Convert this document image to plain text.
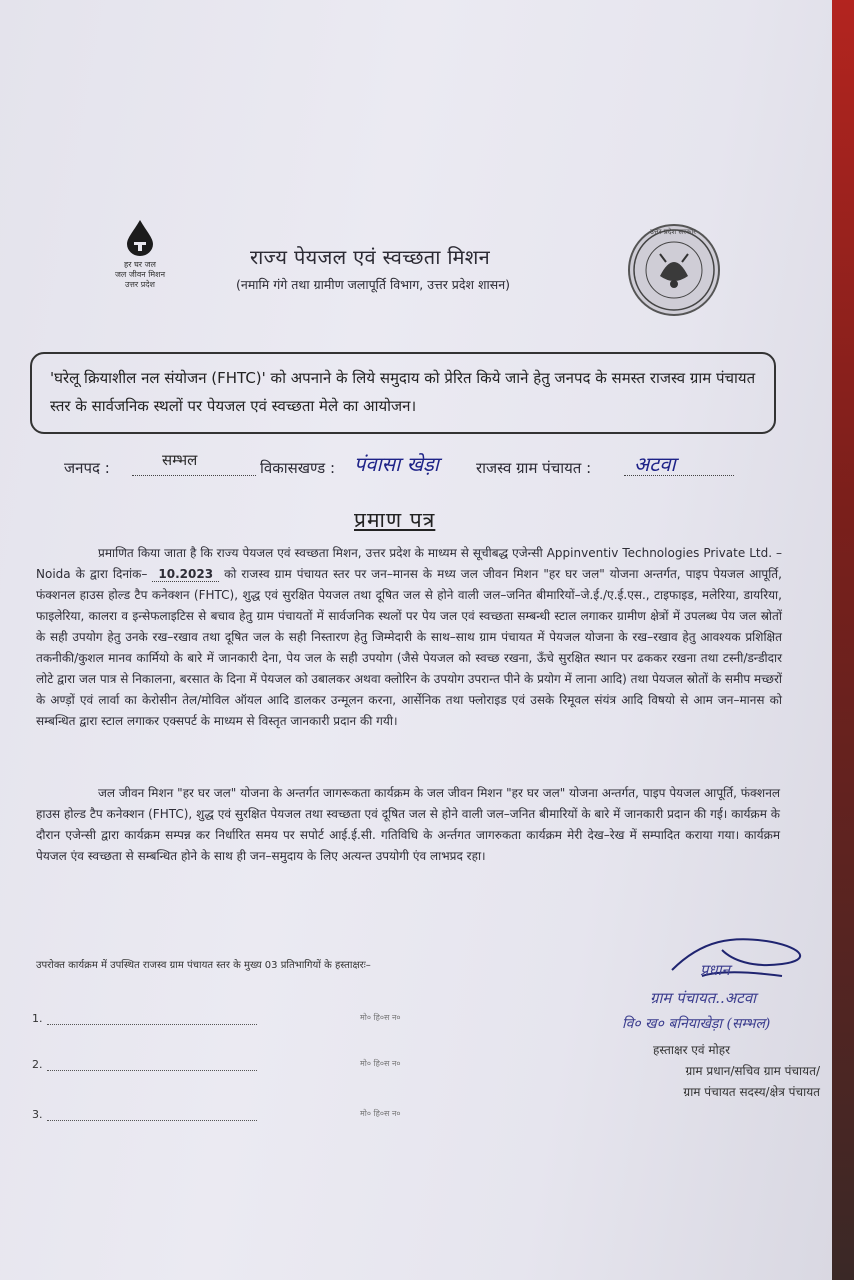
हर घर जल
जल जीवन मिशन
उत्तर प्रदेश
राज्य पेयजल एवं स्वच्छता मिशन
(नमामि गंगे तथा ग्रामीण जलापूर्ति विभाग, उत्तर प्रदेश शासन)
उत्तर प्रदेश सरकार
'घरेलू क्रियाशील नल संयोजन (FHTC)' को अपनाने के लिये समुदाय को प्रेरित किये जाने हेतु जनपद के समस्त राजस्व ग्राम पंचायत स्तर के सार्वजनिक स्थलों पर पेयजल एवं स्वच्छता मेले का आयोजन।
जनपद :	सम्भल	विकासखण्ड : पंवासा खेड़ा राजस्व ग्राम पंचायत : अटवा
प्रमाण पत्र
प्रमाणित किया जाता है कि राज्य पेयजल एवं स्वच्छता मिशन, उत्तर प्रदेश के माध्यम से सूचीबद्ध एजेन्सी Appinventiv Technologies Private Ltd. – Noida के द्वारा दिनांक– 10.2023 को राजस्व ग्राम पंचायत स्तर पर जन–मानस के मध्य जल जीवन मिशन "हर घर जल" योजना अन्तर्गत, पाइप पेयजल आपूर्ति, फंक्शनल हाउस होल्ड टैप कनेक्शन (FHTC), शुद्ध एवं सुरक्षित पेयजल तथा दूषित जल से होने वाली जल–जनित बीमारियों–जे.ई./ए.ई.एस., टाइफाइड, मलेरिया, डायरिया, फाइलेरिया, कालरा व इन्सेफलाइटिस से बचाव हेतु ग्राम पंचायतों में सार्वजनिक स्थलों पर पेय जल एवं स्वच्छता सम्बन्धी स्टाल लगाकर ग्रामीण क्षेत्रों में उपलब्ध पेय जल स्रोतों के सही उपयोग हेतु उनके रख–रखाव तथा दूषित जल के सही निस्तारण हेतु जिम्मेदारी के साथ–साथ ग्राम पंचायत में पेयजल योजना के रख–रखाव हेतु आवश्यक प्रशिक्षित तकनीकी/कुशल मानव कार्मियो के बारे में जानकारी देना, पेय जल के सही उपयोग (जैसे पेयजल को स्वच्छ रखना, ऊँचे सुरक्षित स्थान पर ढककर रखना तथा टस्नी/डन्डीदार लोटे द्वारा जल पात्र से निकालना, बरसात के दिना में पेयजल को उबालकर अथवा क्लोरिन के उपयोग उपरान्त पीने के प्रयोग में लाना आदि) तथा पेयजल स्रोतों के समीप मच्छरों के अण्ड़ों एवं लार्वा का केरोसीन तेल/मोविल ऑयल आदि डालकर उन्मूलन करना, आर्सेनिक तथा फ्लोराइड एवं उसके रिमूवल संयंत्र आदि विषयो से आम जन–मानस को सम्बन्धित द्वारा स्टाल लगाकर एक्सपर्ट के माध्यम से विस्तृत जानकारी प्रदान की गयी।
जल जीवन मिशन "हर घर जल" योजना के अन्तर्गत जागरूकता कार्यक्रम के जल जीवन मिशन "हर घर जल" योजना अन्तर्गत, पाइप पेयजल आपूर्ति, फंक्शनल हाउस होल्ड टैप कनेक्शन (FHTC), शुद्ध एवं सुरक्षित पेयजल तथा स्वच्छता एवं दूषित जल से होने वाली जल–जनित बीमारियों के बारे में जानकारी प्रदान की गई। कार्यक्रम के दौरान एजेन्सी द्वारा कार्यक्रम सम्पन्न कर निर्धारित समय पर सपोर्ट आई.ई.सी. गतिविधि के अर्न्तगत जागरुकता कार्यक्रम मेरी देख–रेख में सम्पादित कराया गया। कार्यक्रम पेयजल एंव स्वच्छता से सम्बन्धित होने के साथ ही जन–समुदाय के लिए अत्यन्त उपयोगी एंव लाभप्रद रहा।
उपरोक्त कार्यक्रम में उपस्थित राजस्व ग्राम पंचायत स्तर के मुख्य 03 प्रतिभागियों के हस्ताक्षरः–
1.	मो० हि०स न०
2.	मो० हि०स न०
3.	मो० हि०स न०
प्रधान
ग्राम पंचायत..अटवा
वि० ख० बनियाखेड़ा (सम्भल)
हस्ताक्षर एवं मोहर
ग्राम प्रधान/सचिव ग्राम पंचायत/
ग्राम पंचायत सदस्य/क्षेत्र पंचायत
